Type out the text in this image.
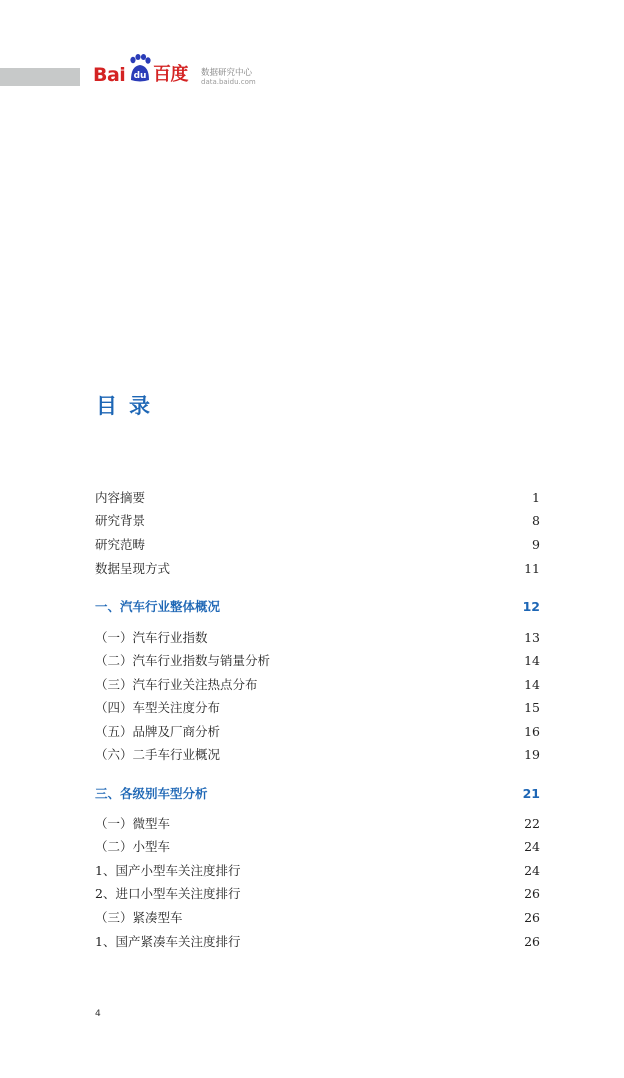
Bai du 百度 数据研究中心
data.baidu.com
目录
内容摘要	1
研究背景	8
研究范畴	9
数据呈现方式	11
一、汽车行业整体概况	12
（一）汽车行业指数	13
（二）汽车行业指数与销量分析	14
（三）汽车行业关注热点分布	14
（四）车型关注度分布	15
（五）品牌及厂商分析	16
（六）二手车行业概况	19
三、各级别车型分析	21
（一）微型车	22
（二）小型车	24
1、国产小型车关注度排行	24
2、进口小型车关注度排行	26
（三）紧凑型车	26
1、国产紧凑车关注度排行	26
4
